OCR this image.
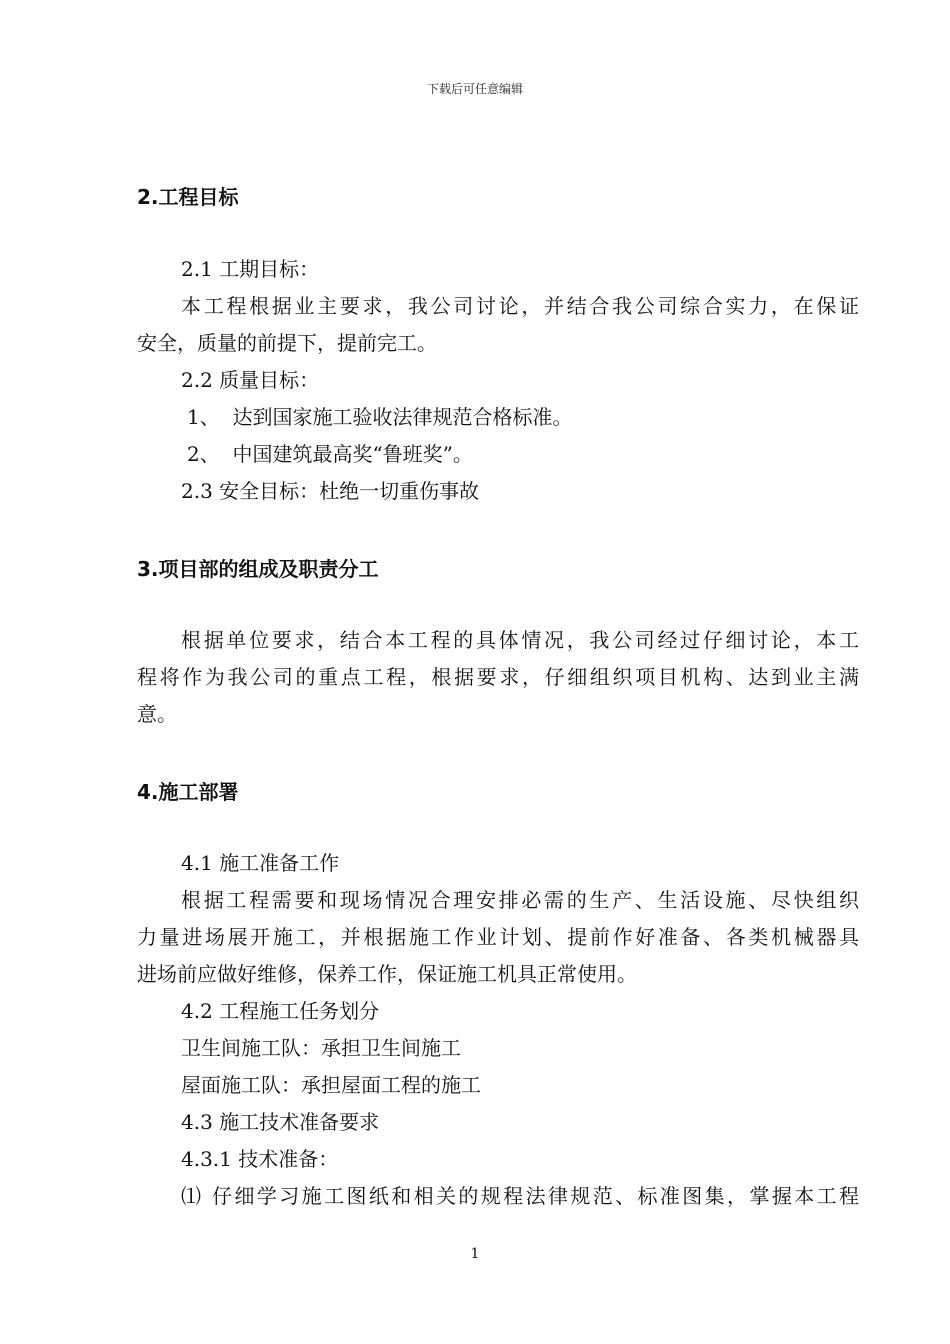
下载后可任意编辑
2.工程目标
2.1 工期目标：
本工程根据业主要求，我公司讨论，并结合我公司综合实力，在保证
安全，质量的前提下，提前完工。
2.2 质量目标：
1、  达到国家施工验收法律规范合格标准。
2、  中国建筑最高奖“鲁班奖”。
2.3 安全目标：杜绝一切重伤事故
3.项目部的组成及职责分工
根据单位要求，结合本工程的具体情况，我公司经过仔细讨论，本工
程将作为我公司的重点工程，根据要求，仔细组织项目机构、达到业主满
意。
4.施工部署
4.1 施工准备工作
根据工程需要和现场情况合理安排必需的生产、生活设施、尽快组织
力量进场展开施工，并根据施工作业计划、提前作好准备、各类机械器具
进场前应做好维修，保养工作，保证施工机具正常使用。
4.2 工程施工任务划分
卫生间施工队：承担卫生间施工
屋面施工队：承担屋面工程的施工
4.3 施工技术准备要求
4.3.1 技术准备：
⑴ 仔细学习施工图纸和相关的规程法律规范、标准图集，掌握本工程
1
